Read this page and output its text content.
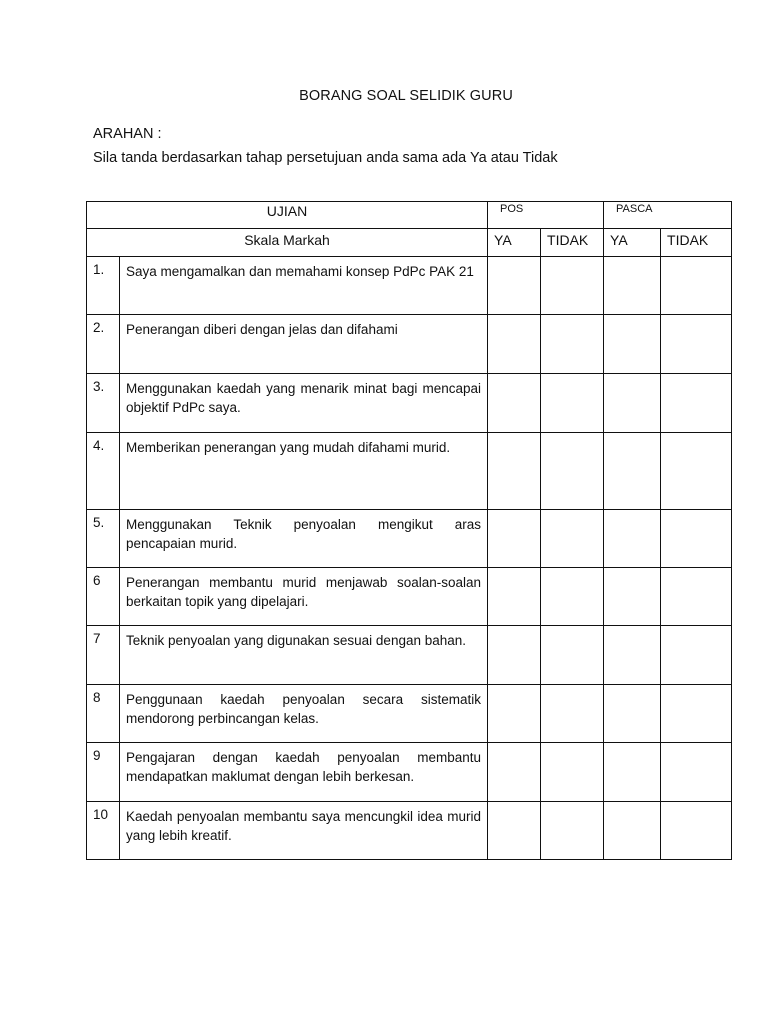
BORANG SOAL SELIDIK GURU
ARAHAN :
Sila tanda berdasarkan tahap persetujuan anda sama ada Ya atau Tidak
UJIAN		POS		PASCA	
Skala Markah		YA	TIDAK	YA	TIDAK
1.	Saya mengamalkan dan memahami konsep PdPc PAK 21				
2.	Penerangan diberi dengan jelas dan difahami				
3.	Menggunakan kaedah yang menarik minat bagi mencapai objektif PdPc saya.				
4.	Memberikan penerangan yang mudah difahami murid.				
5.	Menggunakan Teknik penyoalan mengikut aras pencapaian murid.				
6	Penerangan membantu murid menjawab soalan-soalan berkaitan topik yang dipelajari.				
7	Teknik penyoalan yang digunakan sesuai dengan bahan.				
8	Penggunaan kaedah penyoalan secara sistematik mendorong perbincangan kelas.				
9	Pengajaran dengan kaedah penyoalan membantu mendapatkan maklumat dengan lebih berkesan.				
10	Kaedah penyoalan membantu saya mencungkil idea murid yang lebih kreatif.				
